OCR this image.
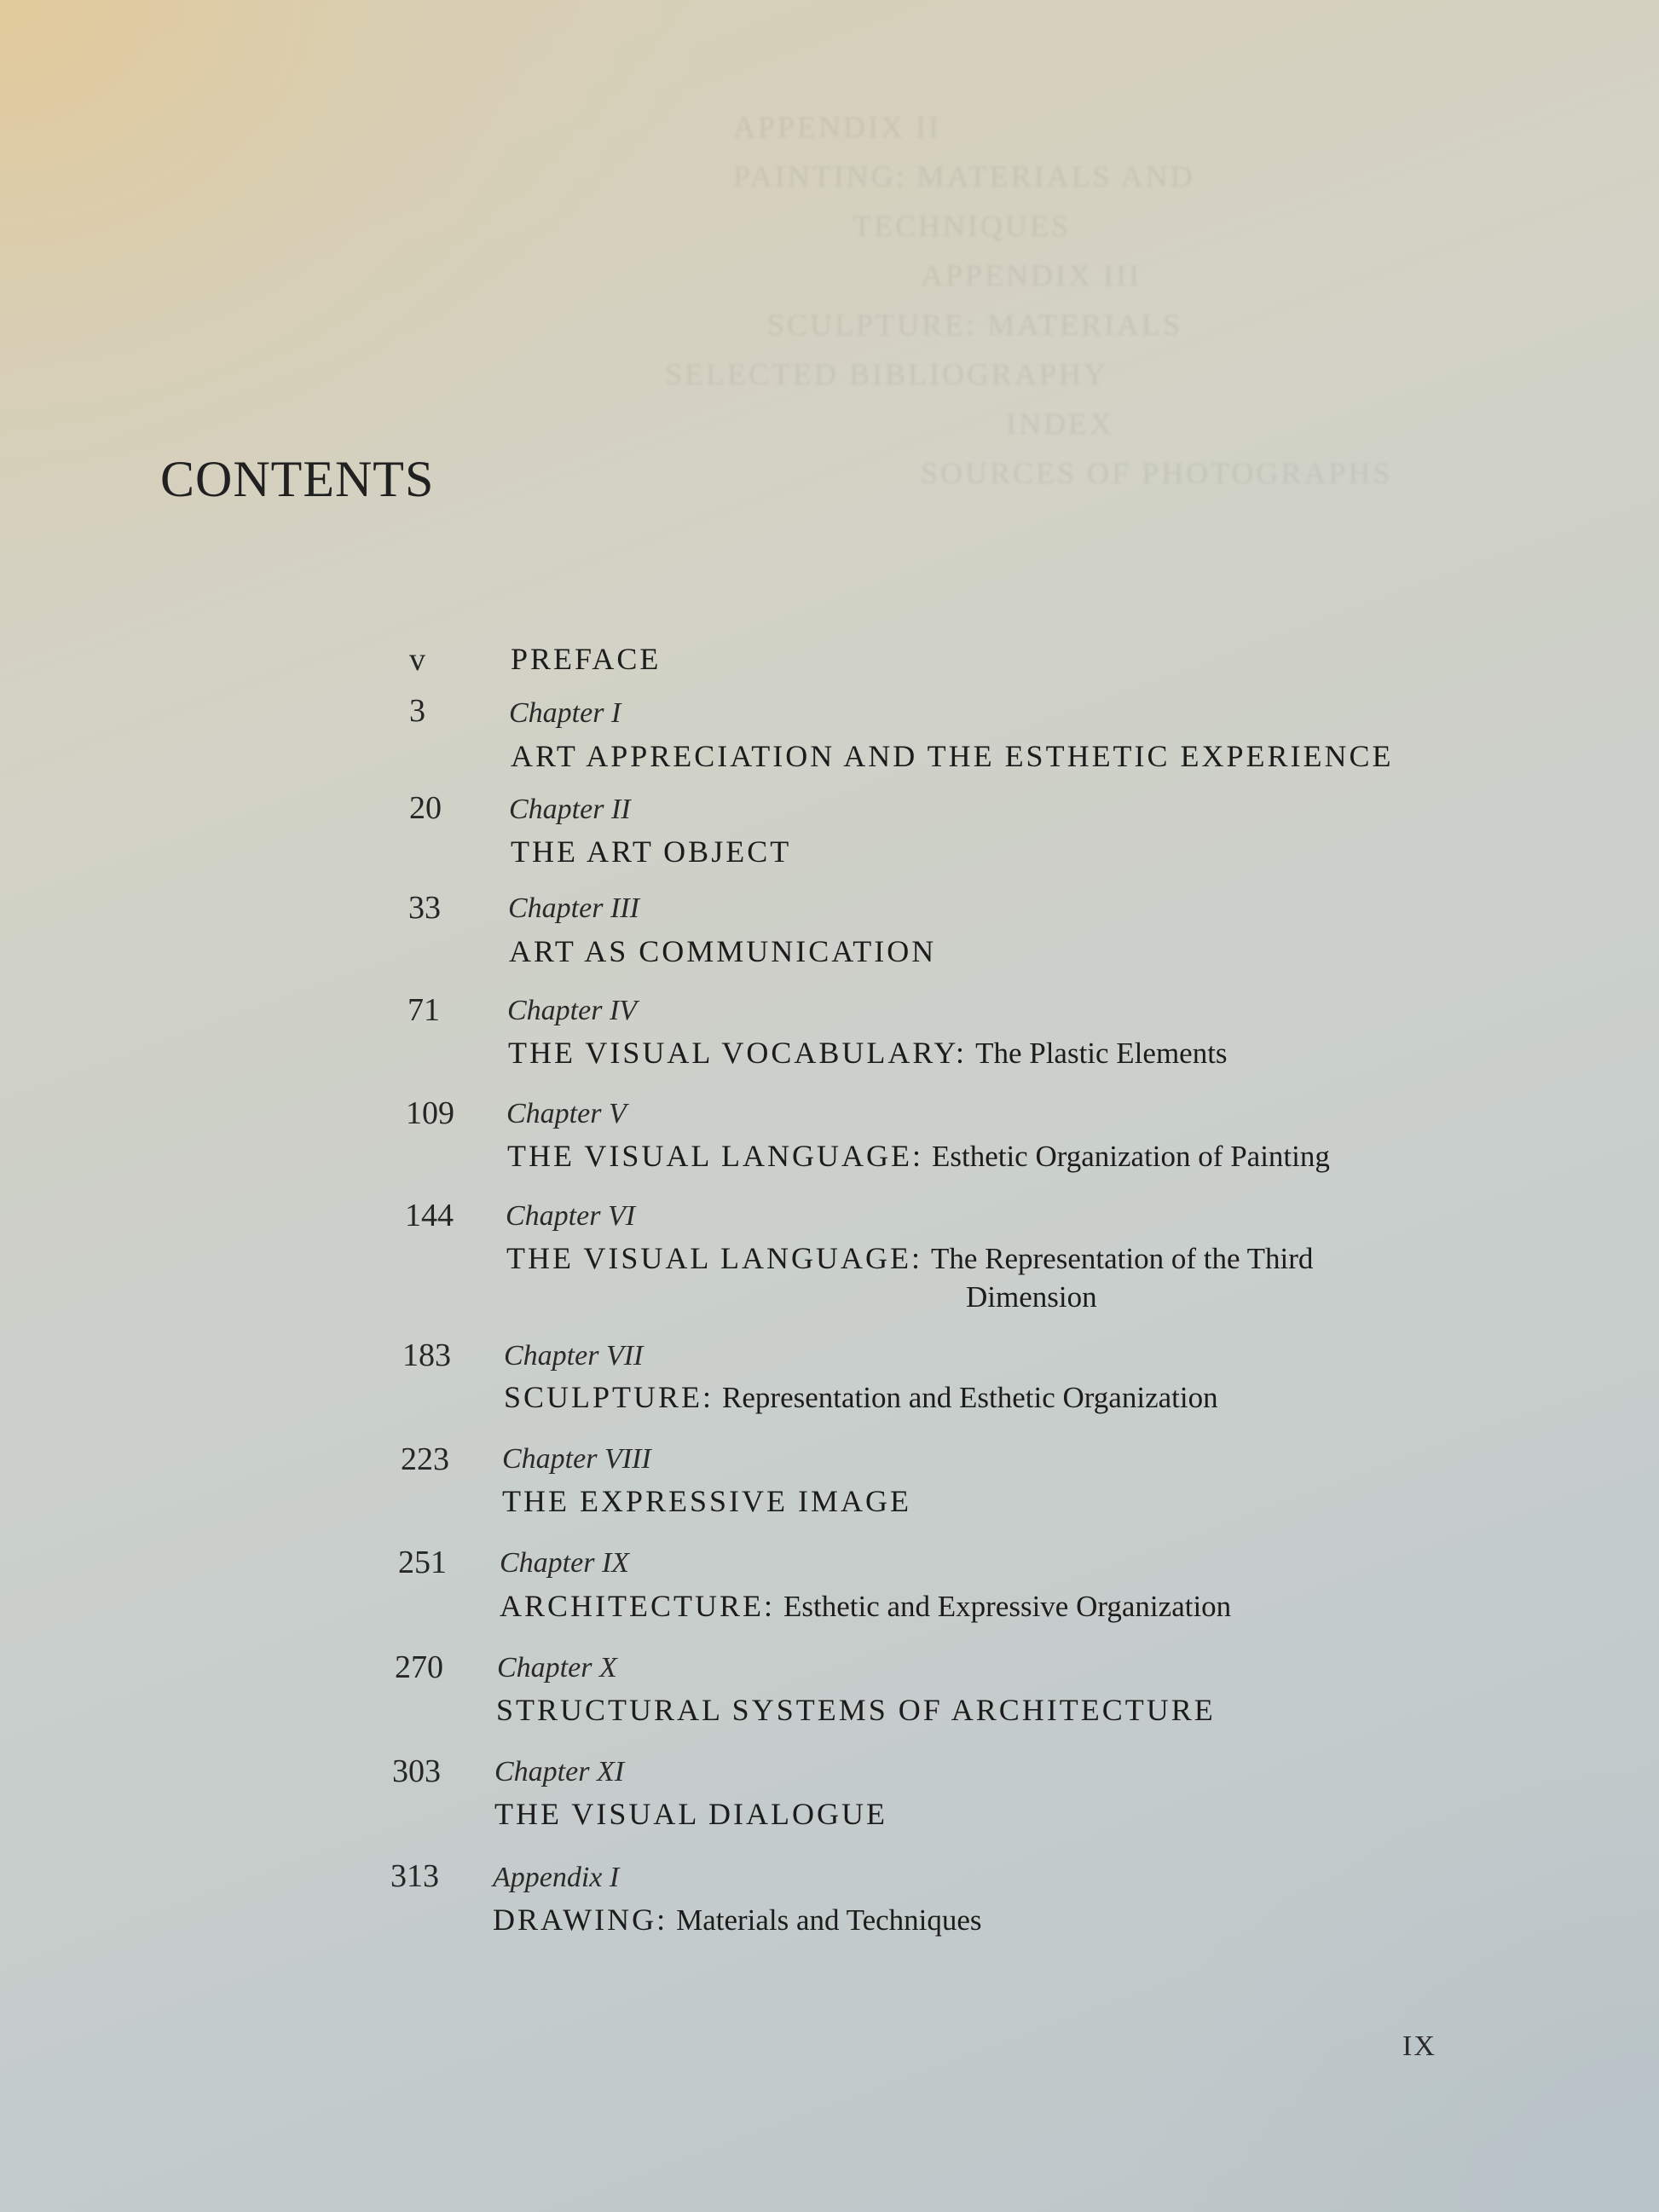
APPENDIX II
PAINTING: MATERIALS AND
TECHNIQUES
APPENDIX III
SCULPTURE: MATERIALS
SELECTED BIBLIOGRAPHY
INDEX
SOURCES OF PHOTOGRAPHS
CONTENTS
v	PREFACE
3	Chapter I
ART APPRECIATION AND THE ESTHETIC EXPERIENCE
20	Chapter II
THE ART OBJECT
33	Chapter III
ART AS COMMUNICATION
71	Chapter IV
THE VISUAL VOCABULARY: The Plastic Elements
109	Chapter V
THE VISUAL LANGUAGE: Esthetic Organization of Painting
144	Chapter VI
THE VISUAL LANGUAGE: The Representation of the Third
Dimension
183	Chapter VII
SCULPTURE: Representation and Esthetic Organization
223	Chapter VIII
THE EXPRESSIVE IMAGE
251	Chapter IX
ARCHITECTURE: Esthetic and Expressive Organization
270	Chapter X
STRUCTURAL SYSTEMS OF ARCHITECTURE
303	Chapter XI
THE VISUAL DIALOGUE
313	Appendix I
DRAWING: Materials and Techniques
IX
